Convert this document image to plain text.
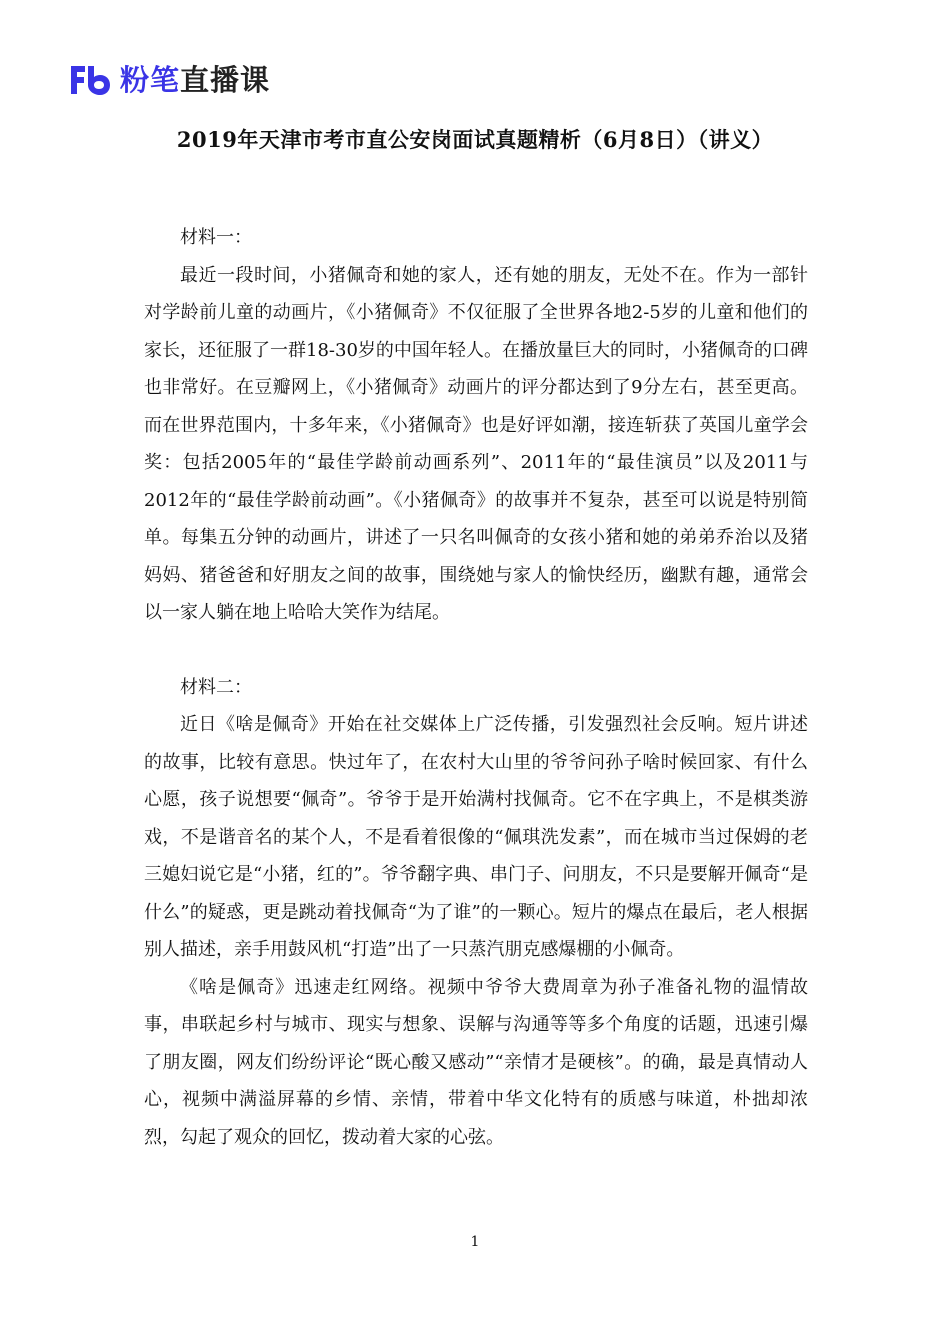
粉笔直播课
2019年天津市考市直公安岗面试真题精析（6月8日）（讲义）
材料一：

最近一段时间，小猪佩奇和她的家人，还有她的朋友，无处不在。作为一部针对学龄前儿童的动画片，《小猪佩奇》不仅征服了全世界各地2-5岁的儿童和他们的家长，还征服了一群18-30岁的中国年轻人。在播放量巨大的同时，小猪佩奇的口碑也非常好。在豆瓣网上，《小猪佩奇》动画片的评分都达到了9分左右，甚至更高。而在世界范围内，十多年来，《小猪佩奇》也是好评如潮，接连斩获了英国儿童学会奖：包括2005年的“最佳学龄前动画系列”、2011年的“最佳演员”以及2011与2012年的“最佳学龄前动画”。《小猪佩奇》的故事并不复杂，甚至可以说是特别简单。每集五分钟的动画片，讲述了一只名叫佩奇的女孩小猪和她的弟弟乔治以及猪妈妈、猪爸爸和好朋友之间的故事，围绕她与家人的愉快经历，幽默有趣，通常会以一家人躺在地上哈哈大笑作为结尾。

材料二：

近日《啥是佩奇》开始在社交媒体上广泛传播，引发强烈社会反响。短片讲述的故事，比较有意思。快过年了，在农村大山里的爷爷问孙子啥时候回家、有什么心愿，孩子说想要“佩奇”。爷爷于是开始满村找佩奇。它不在字典上，不是棋类游戏，不是谐音名的某个人，不是看着很像的“佩琪洗发素”，而在城市当过保姆的老三媳妇说它是“小猪，红的”。爷爷翻字典、串门子、问朋友，不只是要解开佩奇“是什么”的疑惑，更是跳动着找佩奇“为了谁”的一颗心。短片的爆点在最后，老人根据别人描述，亲手用鼓风机“打造”出了一只蒸汽朋克感爆棚的小佩奇。

《啥是佩奇》迅速走红网络。视频中爷爷大费周章为孙子准备礼物的温情故事，串联起乡村与城市、现实与想象、误解与沟通等等多个角度的话题，迅速引爆了朋友圈，网友们纷纷评论“既心酸又感动”“亲情才是硬核”。的确，最是真情动人心，视频中满溢屏幕的乡情、亲情，带着中华文化特有的质感与味道，朴拙却浓烈，勾起了观众的回忆，拨动着大家的心弦。

1
